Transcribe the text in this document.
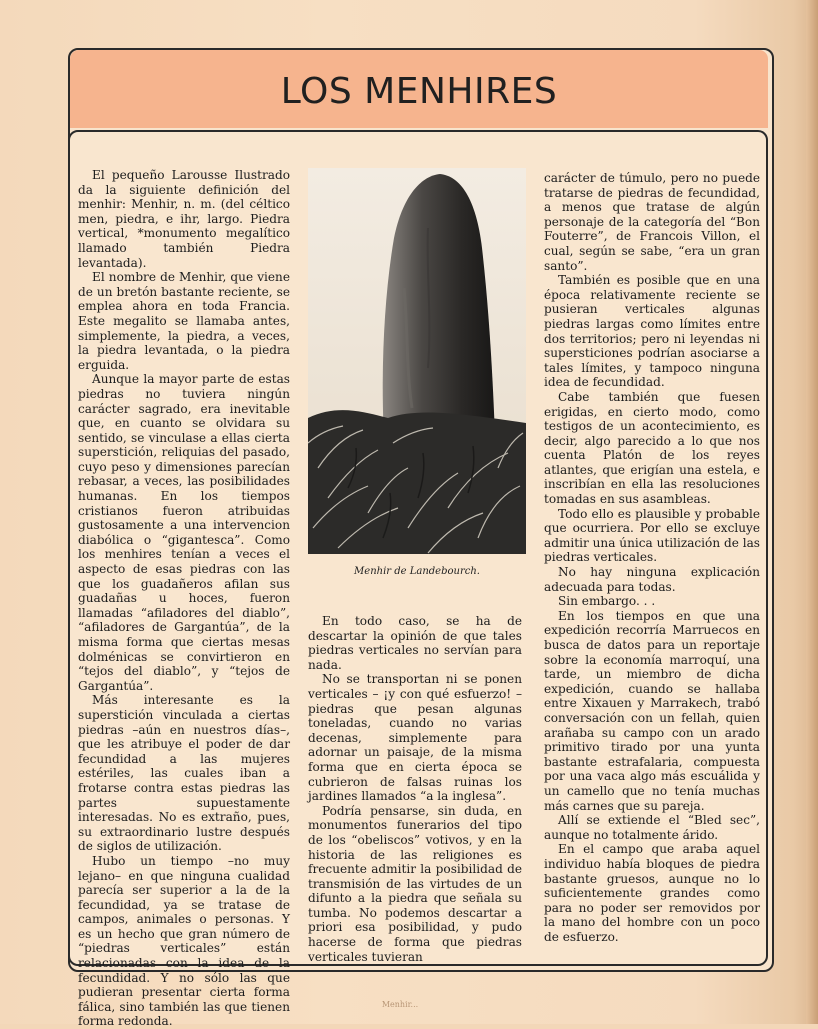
LOS MENHIRES

El pequeño Larousse Ilustrado da la siguiente definición del menhir: Menhir, n. m. (del céltico men, piedra, e ihr, largo. Piedra vertical, *monumento megalítico llamado también Piedra levantada).

El nombre de Menhir, que viene de un bretón bastante reciente, se emplea ahora en toda Francia. Este megalito se llamaba antes, simplemente, la piedra, a veces, la piedra levantada, o la piedra erguida.

Aunque la mayor parte de estas piedras no tuviera ningún carácter sagrado, era inevitable que, en cuanto se olvidara su sentido, se vinculase a ellas cierta superstición, reliquias del pasado, cuyo peso y dimensiones parecían rebasar, a veces, las posibilidades humanas. En los tiempos cristianos fueron atribuidas gustosamente a una intervencion diabólica o “gigantesca”. Como los menhires tenían a veces el aspecto de esas piedras con las que los guadañeros afilan sus guadañas u hoces, fueron llamadas “afiladores del diablo”, “afiladores de Gargantúa”, de la misma forma que ciertas mesas dolménicas se convirtieron en “tejos del diablo”, y “tejos de Gargantúa”.

Más interesante es la superstición vinculada a ciertas piedras –aún en nuestros días–, que les atribuye el poder de dar fecundidad a las mujeres estériles, las cuales iban a frotarse contra estas piedras las partes supuestamente interesadas. No es extraño, pues, su extraordinario lustre después de siglos de utilización.

Hubo un tiempo –no muy lejano– en que ninguna cualidad parecía ser superior a la de la fecundidad, ya se tratase de campos, animales o personas. Y es un hecho que gran número de “piedras verticales” están relacionadas con la idea de la fecundidad. Y no sólo las que pudieran presentar cierta forma fálica, sino también las que tienen forma redonda.

Menhir de Landebourch.

En todo caso, se ha de descartar la opinión de que tales piedras verticales no servían para nada.

No se transportan ni se ponen verticales – ¡y con qué esfuerzo! – piedras que pesan algunas toneladas, cuando no varias decenas, simplemente para adornar un paisaje, de la misma forma que en cierta época se cubrieron de falsas ruinas los jardines llamados “a la inglesa”.

Podría pensarse, sin duda, en monumentos funerarios del tipo de los “obeliscos” votivos, y en la historia de las religiones es frecuente admitir la posibilidad de transmisión de las virtudes de un difunto a la piedra que señala su tumba. No podemos descartar a priori esa posibilidad, y pudo hacerse de forma que piedras verticales tuvieran

carácter de túmulo, pero no puede tratarse de piedras de fecundidad, a menos que tratase de algún personaje de la categoría del “Bon Fouterre”, de Francois Villon, el cual, según se sabe, “era un gran santo”.

También es posible que en una época relativamente reciente se pusieran verticales algunas piedras largas como límites entre dos territorios; pero ni leyendas ni supersticiones podrían asociarse a tales límites, y tampoco ninguna idea de fecundidad.

Cabe también que fuesen erigidas, en cierto modo, como testigos de un acontecimiento, es decir, algo parecido a lo que nos cuenta Platón de los reyes atlantes, que erigían una estela, e inscribían en ella las resoluciones tomadas en sus asambleas.

Todo ello es plausible y probable que ocurriera. Por ello se excluye admitir una única utilización de las piedras verticales.

No hay ninguna explicación adecuada para todas.

Sin embargo. . .

En los tiempos en que una expedición recorría Marruecos en busca de datos para un reportaje sobre la economía marroquí, una tarde, un miembro de dicha expedición, cuando se hallaba entre Xixauen y Marrakech, trabó conversación con un fellah, quien arañaba su campo con un arado primitivo tirado por una yunta bastante estrafalaria, compuesta por una vaca algo más escuálida y un camello que no tenía muchas más carnes que su pareja.

Allí se extiende el “Bled sec”, aunque no totalmente árido.

En el campo que araba aquel individuo había bloques de piedra bastante gruesos, aunque no lo suficientemente grandes como para no poder ser removidos por la mano del hombre con un poco de esfuerzo.

Menhir...
